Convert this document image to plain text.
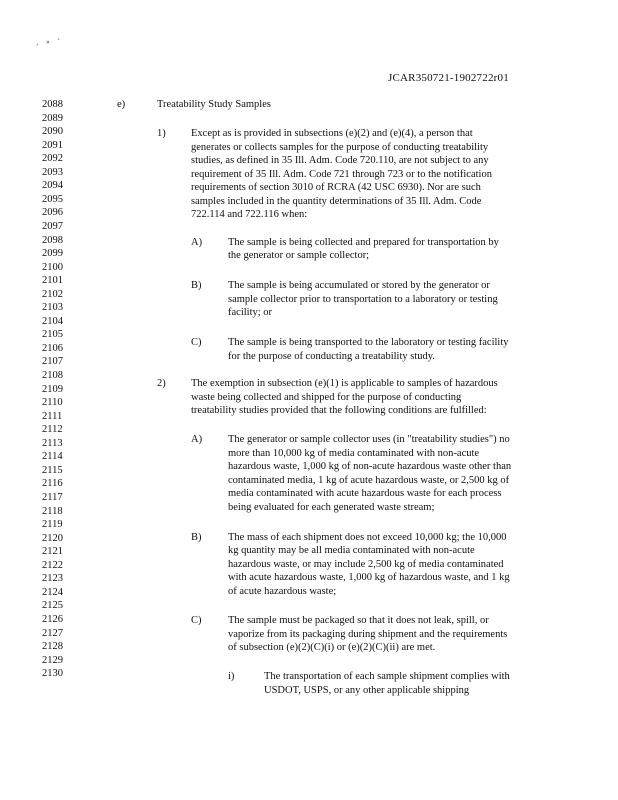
¸ » ˚
JCAR350721-1902722r01
2088
2089
2090
2091
2092
2093
2094
2095
2096
2097
2098
2099
2100
2101
2102
2103
2104
2105
2106
2107
2108
2109
2110
2111
2112
2113
2114
2115
2116
2117
2118
2119
2120
2121
2122
2123
2124
2125
2126
2127
2128
2129
2130
e)	Treatability Study Samples
1) Except as is provided in subsections (e)(2) and (e)(4), a person that
generates or collects samples for the purpose of conducting treatability
studies, as defined in 35 Ill. Adm. Code 720.110, are not subject to any
requirement of 35 Ill. Adm. Code 721 through 723 or to the notification
requirements of section 3010 of RCRA (42 USC 6930). Nor are such
samples included in the quantity determinations of 35 Ill. Adm. Code
722.114 and 722.116 when:
A) The sample is being collected and prepared for transportation by
the generator or sample collector;
B)	The sample is being accumulated or stored by the generator or
sample collector prior to transportation to a laboratory or testing
facility; or
C)	The sample is being transported to the laboratory or testing facility
for the purpose of conducting a treatability study.
2) The exemption in subsection (e)(1) is applicable to samples of hazardous
waste being collected and shipped for the purpose of conducting
treatability studies provided that the following conditions are fulfilled:
A) The generator or sample collector uses (in "treatability studies") no
more than 10,000 kg of media contaminated with non-acute
hazardous waste, 1,000 kg of non-acute hazardous waste other than
contaminated media, 1 kg of acute hazardous waste, or 2,500 kg of
media contaminated with acute hazardous waste for each process
being evaluated for each generated waste stream;
B)	The mass of each shipment does not exceed 10,000 kg; the 10,000
kg quantity may be all media contaminated with non-acute
hazardous waste, or may include 2,500 kg of media contaminated
with acute hazardous waste, 1,000 kg of hazardous waste, and 1 kg
of acute hazardous waste;
C)	The sample must be packaged so that it does not leak, spill, or
vaporize from its packaging during shipment and the requirements
of subsection (e)(2)(C)(i) or (e)(2)(C)(ii) are met.
i)	The transportation of each sample shipment complies with
USDOT, USPS, or any other applicable shipping
